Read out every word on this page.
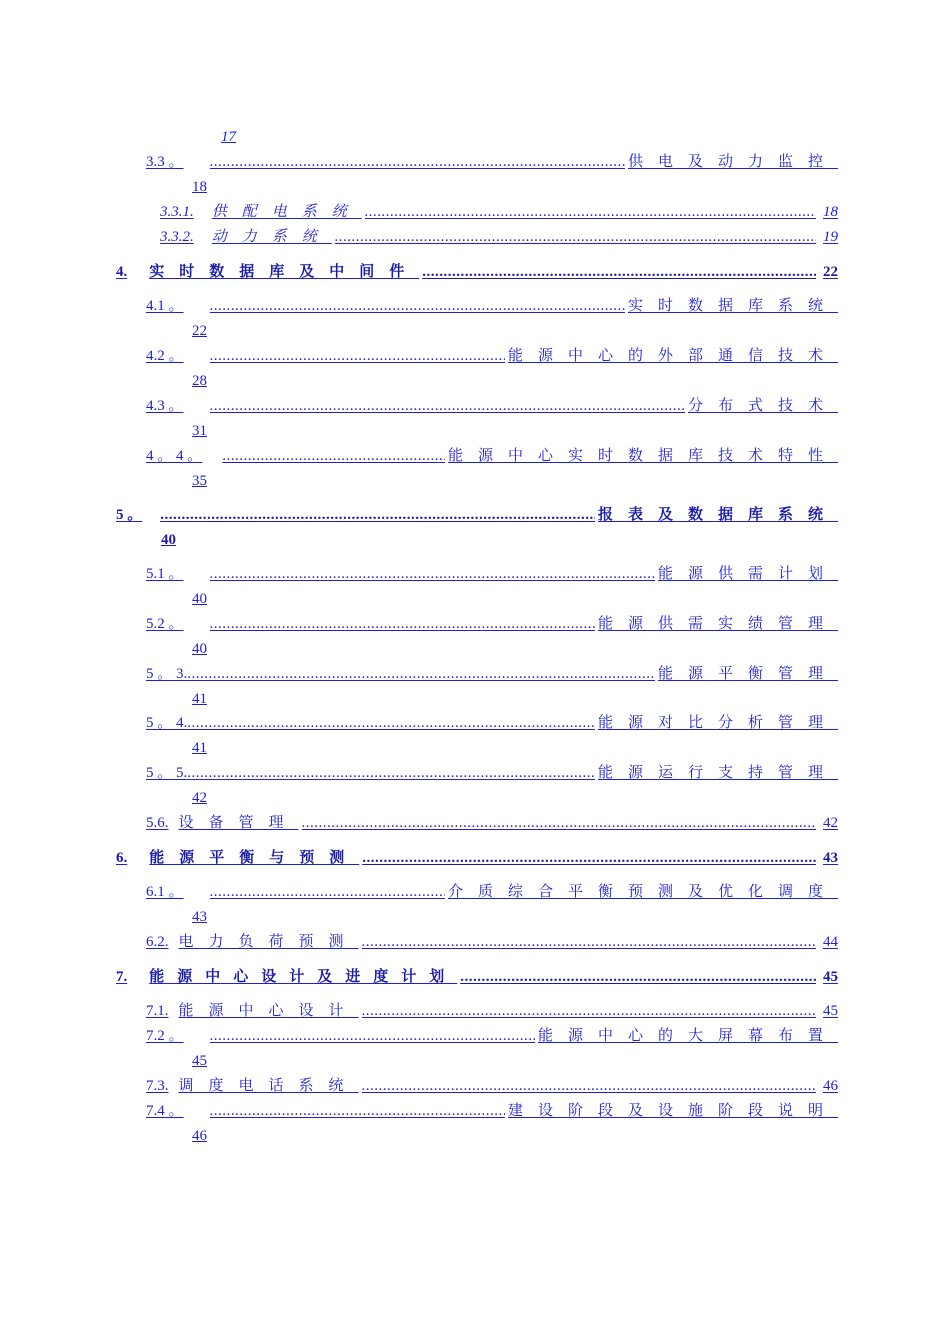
17
3.3 。 .....	供电及动力监控
18
3.3.1. 供配电系统 .....	18
3.3.2. 动力系统 .....	19
4. 实时数据库及中间件 .....	22
4.1 。 .....	实时数据库系统
22
4.2 。 .....	能源中心的外部通信技术
28
4.3 。 .....	分布式技术
31
4 。 4 。 .....	能源中心实时数据库技术特性
35
5 。 .....	报表及数据库系统
40
5.1 。 .....	能源供需计划
40
5.2 。 .....	能源供需实绩管理
40
5 。 3. .....	能源平衡管理
41
5 。 4. .....	能源对比分析管理
41
5 。 5. .....	能源运行支持管理
42
5.6. 设备管理 .....	42
6. 能源平衡与预测 .....	43
6.1 。 .....	介质综合平衡预测及优化调度
43
6.2. 电力负荷预测 .....	44
7. 能源中心设计及进度计划 .....	45
7.1. 能源中心设计 .....	45
7.2 。 .....	能源中心的大屏幕布置
45
7.3. 调度电话系统 .....	46
7.4 。 .....	建设阶段及设施阶段说明
46
